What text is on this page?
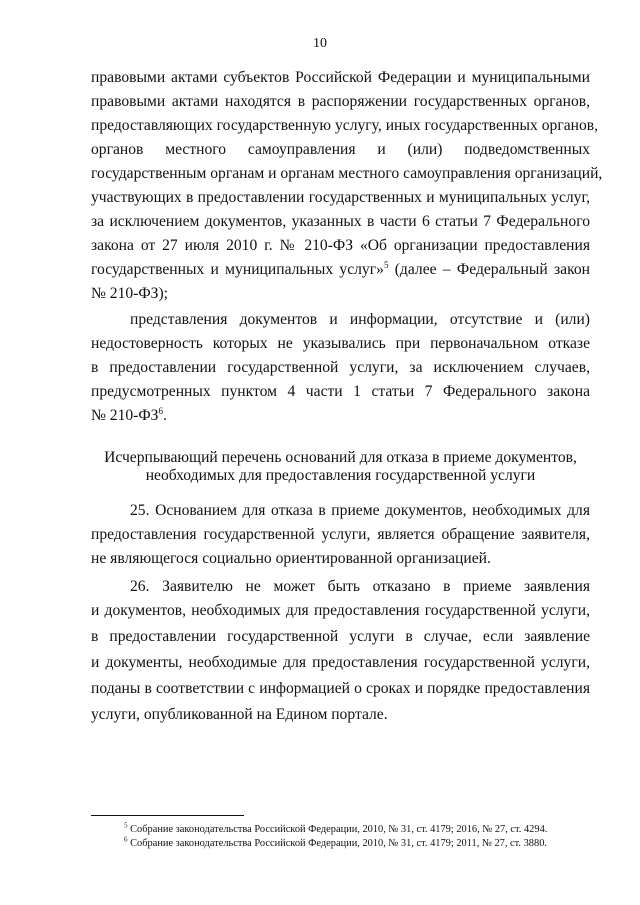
10
правовыми актами субъектов Российской Федерации и муниципальными
правовыми актами находятся в распоряжении государственных органов,
предоставляющих государственную услугу, иных государственных органов,
органов местного самоуправления и (или) подведомственных
государственным органам и органам местного самоуправления организаций,
участвующих в предоставлении государственных и муниципальных услуг,
за исключением документов, указанных в части 6 статьи 7 Федерального
закона от 27 июля 2010 г. № 210-ФЗ «Об организации предоставления
государственных и муниципальных услуг»$^5$ (далее – Федеральный закон
№ 210-ФЗ);
представления документов и информации, отсутствие и (или)
недостоверность которых не указывались при первоначальном отказе
в предоставлении государственной услуги, за исключением случаев,
предусмотренных пунктом 4 части 1 статьи 7 Федерального закона
№ $210-ФЗ^6$.
Исчерпывающий перечень оснований для отказа в приеме документов,
необходимых для предоставления государственной услуги
25. Основанием для отказа в приеме документов, необходимых для
предоставления государственной услуги, является обращение заявителя,
не являющегося социально ориентированной организацией.
26. Заявителю не может быть отказано в приеме заявления
и документов, необходимых для предоставления государственной услуги,
в предоставлении государственной услуги в случае, если заявление
и документы, необходимые для предоставления государственной услуги,
поданы в соответствии с информацией о сроках и порядке предоставления
услуги, опубликованной на Едином портале.
$^5$ Собрание законодательства Российской Федерации, 2010, № 31, ст. 4179; 2016, № 27, ст. 4294.
$^6$ Собрание законодательства Российской Федерации, 2010, № 31, ст. 4179; 2011, № 27, ст. 3880.
